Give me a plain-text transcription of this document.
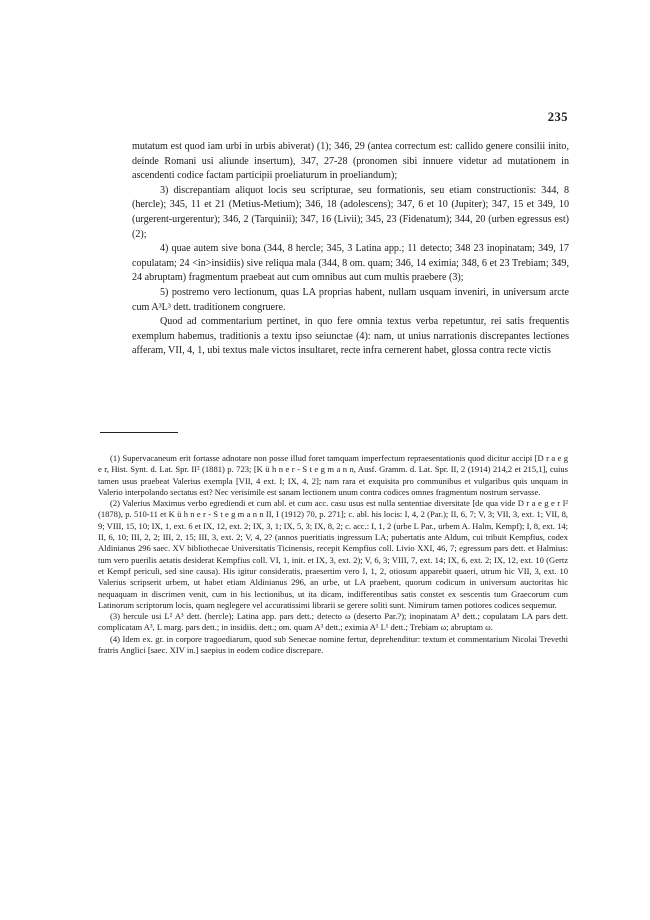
235

mutatum est quod iam urbi in urbis abiverat) (1); 346, 29 (antea correctum est: callido genere consilii inito, deinde Romani usi aliunde insertum), 347, 27-28 (pronomen sibi innuere videtur ad mutationem in ascendenti codice factam participii proeliaturum in proeliandum);

3) discrepantiam aliquot locis seu scripturae, seu formationis, seu etiam constructionis: 344, 8 (hercle); 345, 11 et 21 (Metius-Metium); 346, 18 (adolescens); 347, 6 et 10 (Jupiter); 347, 15 et 349, 10 (urgerent-urgerentur); 346, 2 (Tarquinii); 347, 16 (Livii); 345, 23 (Fidenatum); 344, 20 (urben egressus est) (2);

4) quae autem sive bona (344, 8 hercle; 345, 3 Latina app.; 11 detecto; 348 23 inopinatam; 349, 17 copulatam; 24 <in>insidiis) sive reliqua mala (344, 8 om. quam; 346, 14 eximia; 348, 6 et 23 Trebiam; 349, 24 abruptam) fragmentum praebeat aut cum omnibus aut cum multis praebere (3);

5) postremo vero lectionum, quas LA proprias habent, nullam usquam inveniri, in universum arcte cum A³L³ dett. traditionem congruere.

Quod ad commentarium pertinet, in quo fere omnia textus verba repetuntur, rei satis frequentis exemplum habemus, traditionis a textu ipso seiunctae (4): nam, ut unius narrationis discrepantes lectiones afferam, VII, 4, 1, ubi textus male victos insultaret, recte infra cernerent habet, glossa contra recte victis

(1) Supervacaneum erit fortasse adnotare non posse illud foret tamquam imperfectum repraesentationis quod dicitur accipi [D r a e g e r, Hist. Synt. d. Lat. Spr. II² (1881) p. 723; [K ü h n e r - S t e g m a n n, Ausf. Gramm. d. Lat. Spr. II, 2 (1914) 214,2 et 215,1], cuius tamen usus praebeat Valerius exempla [VII, 4 ext. I; IX, 4, 2]; nam rara et exquisita pro communibus et vulgaribus quis unquam in Valerio interpolando sectatus est? Nec verisimile est sanam lectionem unum contra codices omnes fragmentum nostrum servasse.

(2) Valerius Maximus verbo egrediendi et cum abl. et cum acc. casu usus est nulla sententiae diversitate [de qua vide D r a e g e r I² (1878), p. 510-11 et K ü h n e r - S t e g m a n n II, I (1912) 70, p. 271]; c. abl. his locis: I, 4, 2 (Par.); II, 6, 7; V, 3; VII, 3, ext. 1; VII, 8, 9; VIII, 15, 10; IX, 1, ext. 6 et IX, 12, ext. 2; IX, 3, 1; IX, 5, 3; IX, 8, 2; c. acc.: I, 1, 2 (urbe L Par., urbem A. Halm, Kempf); I, 8, ext. 14; II, 6, 10; III, 2, 2; III, 2, 15; III, 3, ext. 2; V, 4, 2? (annos pueritiatis ingressum LA; pubertatis ante Aldum, cui tribuit Kempfius, codex Aldinianus 296 saec. XV bibliothecae Universitatis Ticinensis, recepit Kempfius coll. Livio XXI, 46, 7; egressum pars dett. et Halmius: tum vero puerilis aetatis desiderat Kempfius coll. VI, 1, init. et IX, 3, ext. 2); V, 6, 3; VIII, 7, ext. 14; IX, 6, ext. 2; IX, 12, ext. 10 (Gertz et Kempf periculi, sed sine causa). His igitur consideratis, praesertim vero I, 1, 2, otiosum apparebit quaeri, utrum hic VII, 3, ext. 10 Valerius scripserit urbem, ut habet etiam Aldinianus 296, an urbe, ut LA praebent, quorum codicum in universum auctoritas hic nequaquam in discrimen venit, cum in his lectionibus, ut ita dicam, indifferentibus satis constet ex sescentis tum Graecorum cum Latinorum scriptorum locis, quam neglegere vel accuratissimi librarii se gerere soliti sunt. Nimirum tamen potiores codices sequemur.

(3) hercule usi L² A³ dett. (hercle); Latina app. pars dett.; detecto ω (deserto Par.?); inopinatam A³ dett.; copulatam LA pars dett. complicatam A³, L marg. pars dett.; in insidiis. dett.; om. quam A³ dett.; eximia A¹ L¹ dett.; Trebiam ω; abruptam ω.

(4) Idem ex. gr. in corpore tragoediarum, quod sub Senecae nomine fertur, deprehenditur: textum et commentarium Nicolai Trevethi fratris Anglici [saec. XIV in.] saepius in eodem codice discrepare.
